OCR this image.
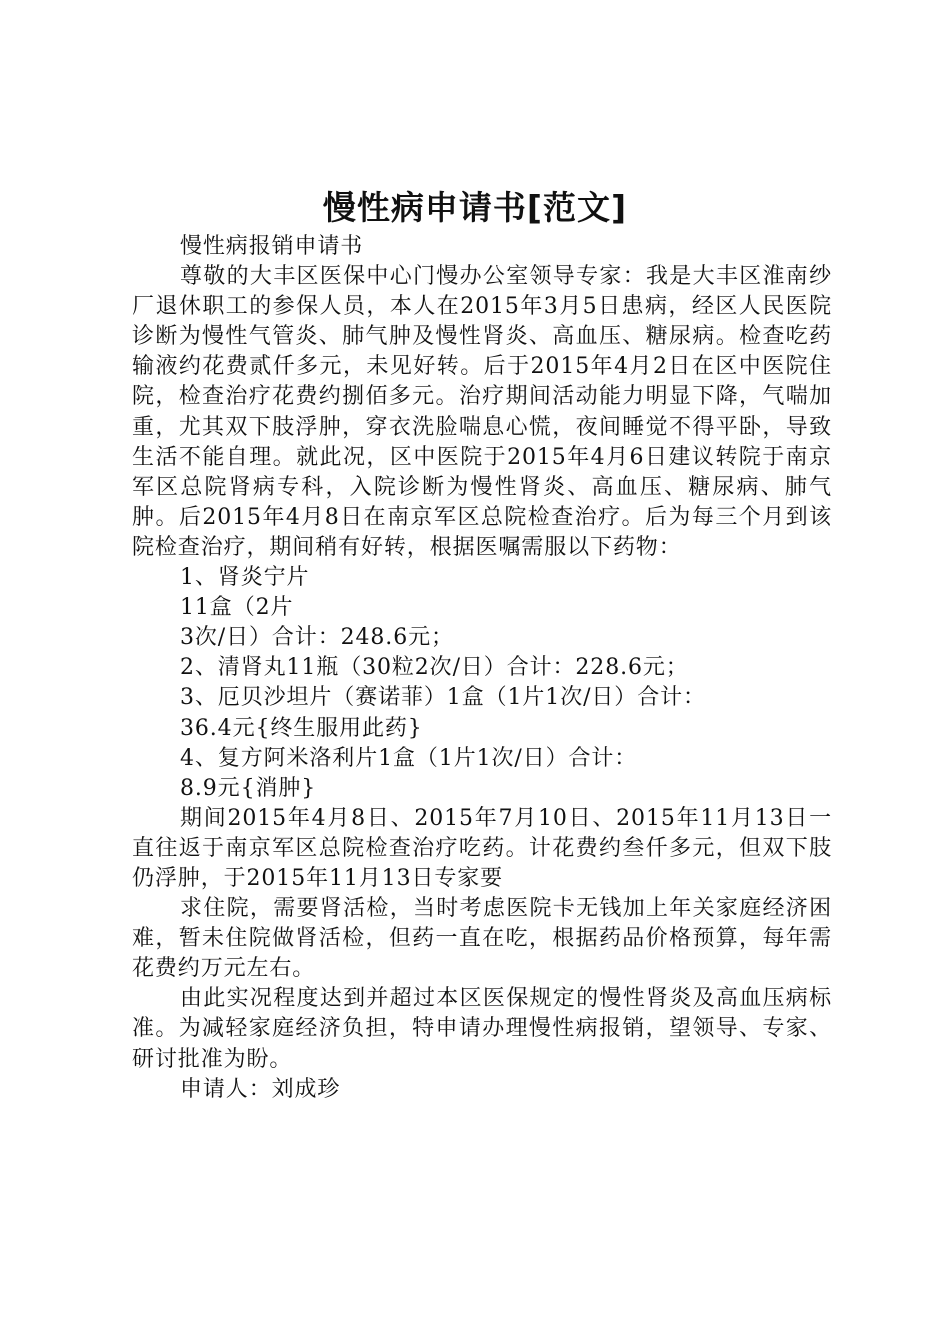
慢性病申请书[范文]

慢性病报销申请书

尊敬的大丰区医保中心门慢办公室领导专家：我是大丰区淮南纱厂退休职工的参保人员，本人在2015年3月5日患病，经区人民医院诊断为慢性气管炎、肺气肿及慢性肾炎、高血压、糖尿病。检查吃药输液约花费贰仟多元，未见好转。后于2015年4月2日在区中医院住院，检查治疗花费约捌佰多元。治疗期间活动能力明显下降，气喘加重，尤其双下肢浮肿，穿衣洗脸喘息心慌，夜间睡觉不得平卧，导致生活不能自理。就此况，区中医院于2015年4月6日建议转院于南京军区总院肾病专科，入院诊断为慢性肾炎、高血压、糖尿病、肺气肿。后2015年4月8日在南京军区总院检查治疗。后为每三个月到该院检查治疗，期间稍有好转，根据医嘱需服以下药物：

1、肾炎宁片

11盒（2片

3次/日）合计：248.6元；

2、清肾丸11瓶（30粒2次/日）合计：228.6元；

3、厄贝沙坦片（赛诺菲）1盒（1片1次/日）合计：

36.4元{终生服用此药}

4、复方阿米洛利片1盒（1片1次/日）合计：

8.9元{消肿}

期间2015年4月8日、2015年7月10日、2015年11月13日一直往返于南京军区总院检查治疗吃药。计花费约叁仟多元，但双下肢仍浮肿，于2015年11月13日专家要

求住院，需要肾活检，当时考虑医院卡无钱加上年关家庭经济困难，暂未住院做肾活检，但药一直在吃，根据药品价格预算，每年需花费约万元左右。

由此实况程度达到并超过本区医保规定的慢性肾炎及高血压病标准。为减轻家庭经济负担，特申请办理慢性病报销，望领导、专家、研讨批准为盼。

申请人：刘成珍
